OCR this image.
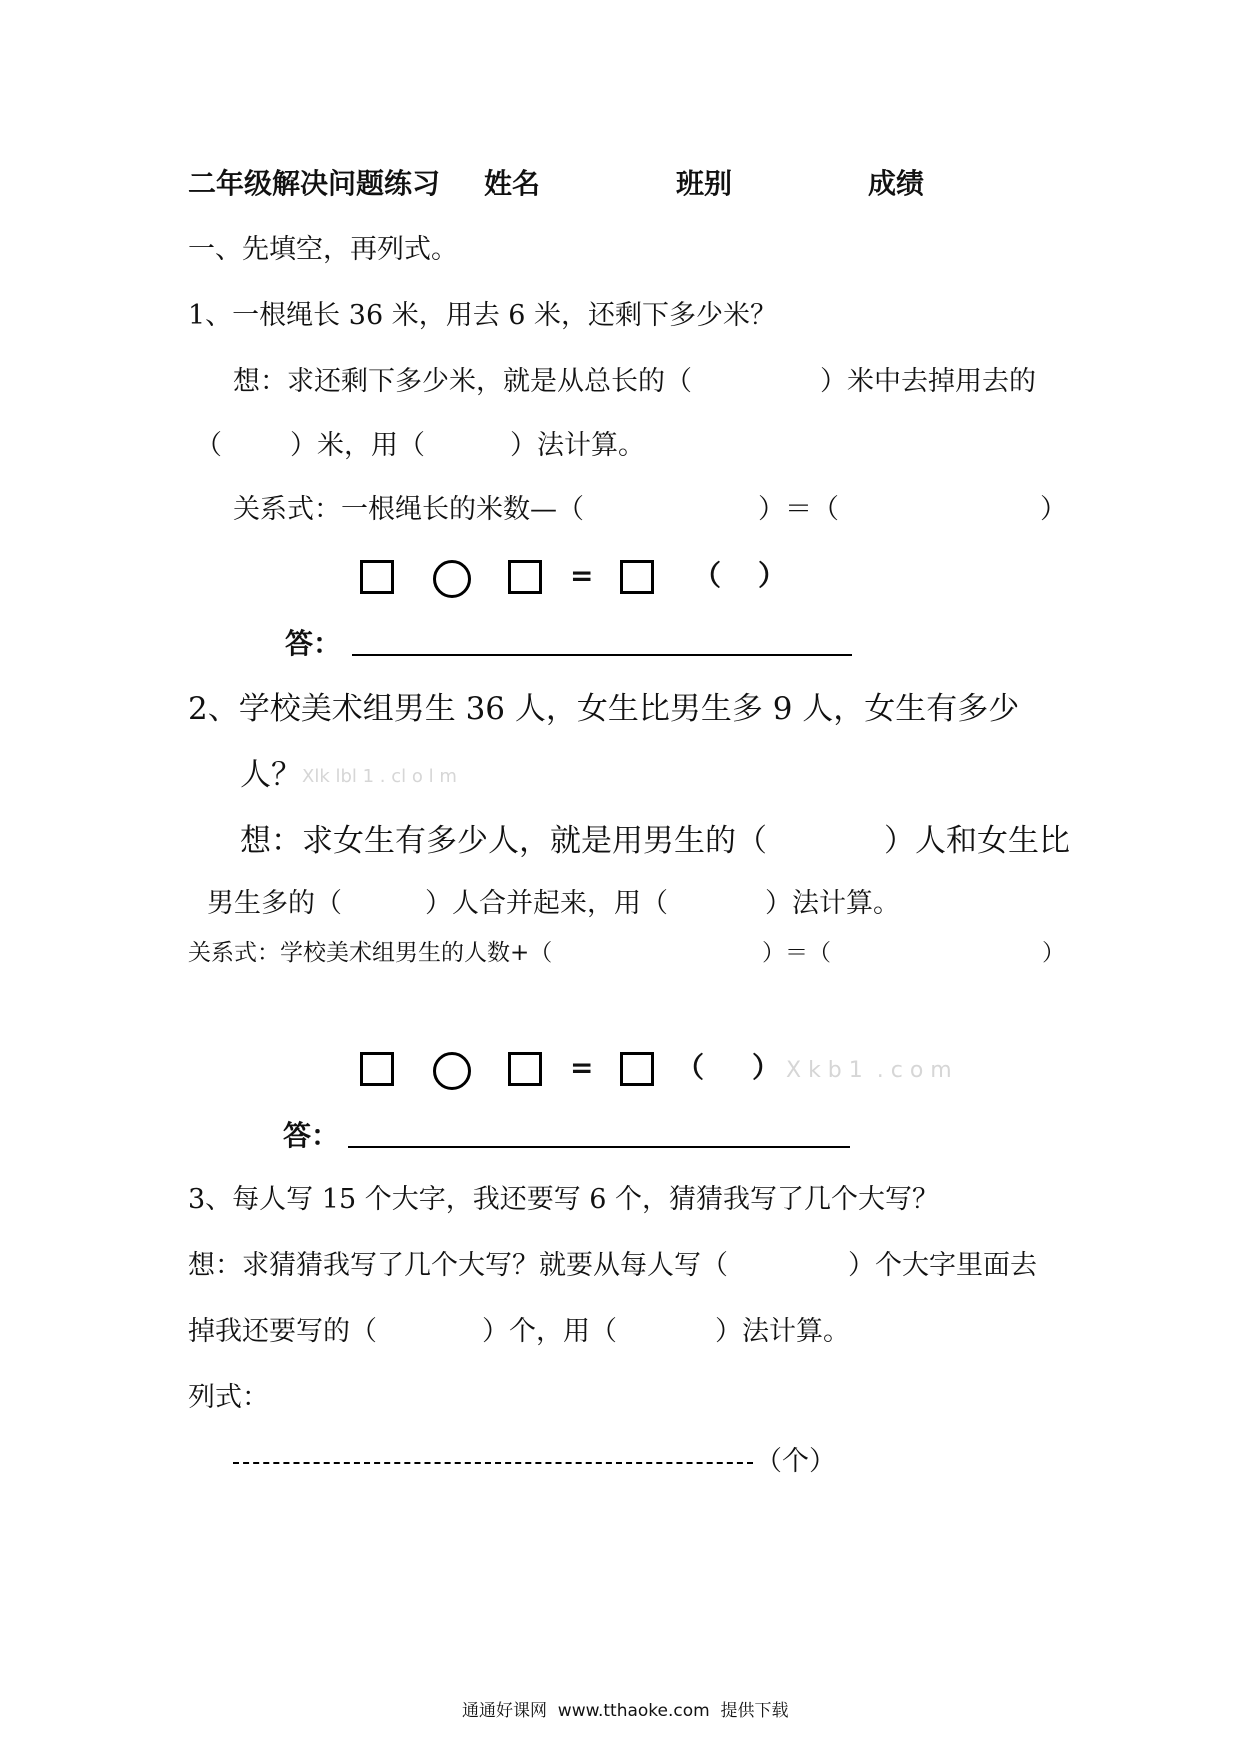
二年级解决问题练习 姓名	班别	成绩
一、先填空，再列式。
1、一根绳长 36 米，用去 6 米，还剩下多少米？
想：求还剩下多少米，就是从总长的（	）米中去掉用去的
（	）米，用（	）法计算。
关系式：一根绳长的米数—（	）＝（	）
=	（ ）
答：
2、学校美术组男生 36 人，女生比男生多 9 人，女生有多少
人？ Xlk lbl 1 . cl o l m
想：求女生有多少人，就是用男生的（	）人和女生比
男生多的（	）人合并起来，用（	）法计算。
关系式：学校美术组男生的人数+（	）＝（	）
=	（ ） X k b 1  . c o m
答：
3、每人写 15 个大字，我还要写 6 个，猜猜我写了几个大写？
想：求猜猜我写了几个大写？就要从每人写（	）个大字里面去
掉我还要写的（	）个，用（	）法计算。
列式：
（个）
通通好课网  www.tthaoke.com  提供下载
